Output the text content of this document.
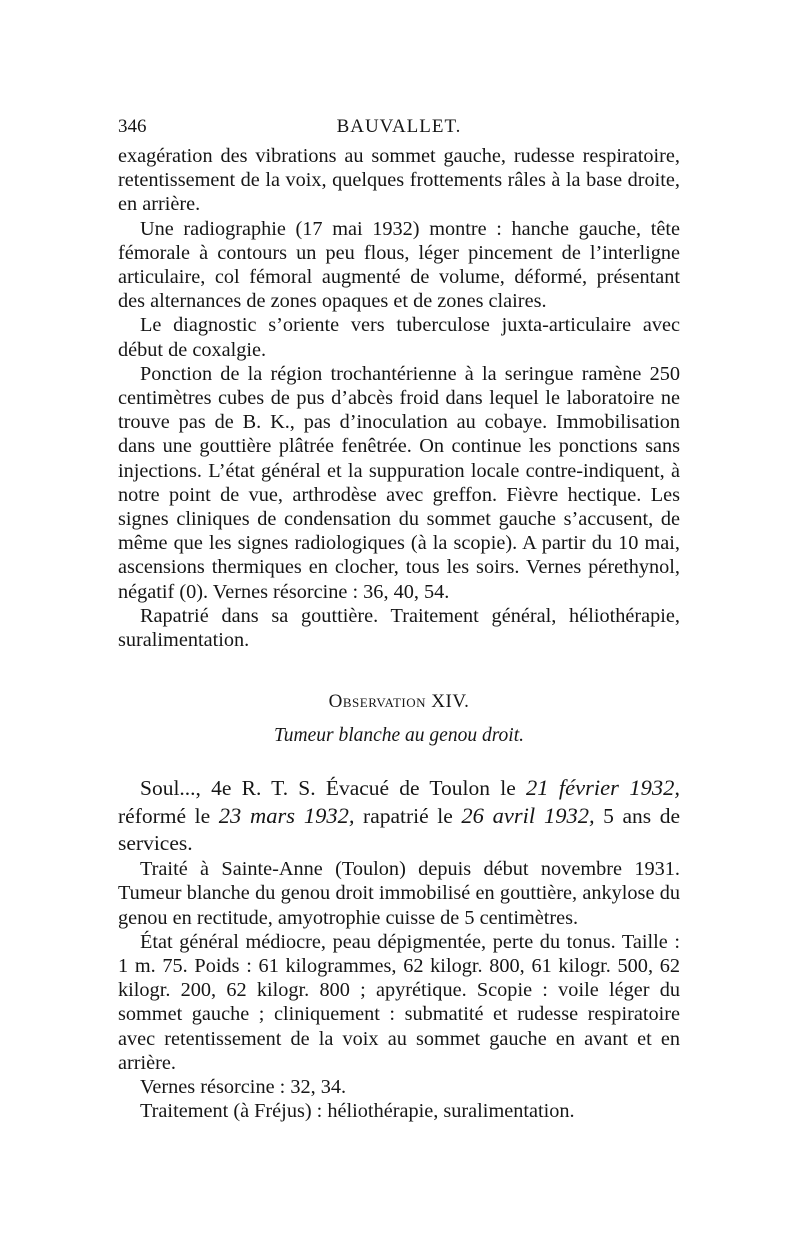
346	BAUVALLET.

exagération des vibrations au sommet gauche, rudesse respiratoire, retentissement de la voix, quelques frottements râles à la base droite, en arrière.

Une radiographie (17 mai 1932) montre : hanche gauche, tête fémorale à contours un peu flous, léger pincement de l’interligne articulaire, col fémoral augmenté de volume, déformé, présentant des alternances de zones opaques et de zones claires.

Le diagnostic s’oriente vers tuberculose juxta-articulaire avec début de coxalgie.

Ponction de la région trochantérienne à la seringue ramène 250 centimètres cubes de pus d’abcès froid dans lequel le laboratoire ne trouve pas de B. K., pas d’inoculation au cobaye. Immobilisation dans une gouttière plâtrée fenêtrée. On continue les ponctions sans injections. L’état général et la suppuration locale contre-indiquent, à notre point de vue, arthrodèse avec greffon. Fièvre hectique. Les signes cliniques de condensation du sommet gauche s’accusent, de même que les signes radiologiques (à la scopie). A partir du 10 mai, ascensions thermiques en clocher, tous les soirs. Vernes pérethynol, négatif (0). Vernes résorcine : 36, 40, 54.

Rapatrié dans sa gouttière. Traitement général, héliothérapie, suralimentation.

Observation XIV.
Tumeur blanche au genou droit.

Soul..., 4e R. T. S. Évacué de Toulon le 21 février 1932, réformé le 23 mars 1932, rapatrié le 26 avril 1932, 5 ans de services.

Traité à Sainte-Anne (Toulon) depuis début novembre 1931. Tumeur blanche du genou droit immobilisé en gouttière, ankylose du genou en rectitude, amyotrophie cuisse de 5 centimètres.

État général médiocre, peau dépigmentée, perte du tonus. Taille : 1 m. 75. Poids : 61 kilogrammes, 62 kilogr. 800, 61 kilogr. 500, 62 kilogr. 200, 62 kilogr. 800 ; apyrétique. Scopie : voile léger du sommet gauche ; cliniquement : submatité et rudesse respiratoire avec retentissement de la voix au sommet gauche en avant et en arrière.

Vernes résorcine : 32, 34.

Traitement (à Fréjus) : héliothérapie, suralimentation.
